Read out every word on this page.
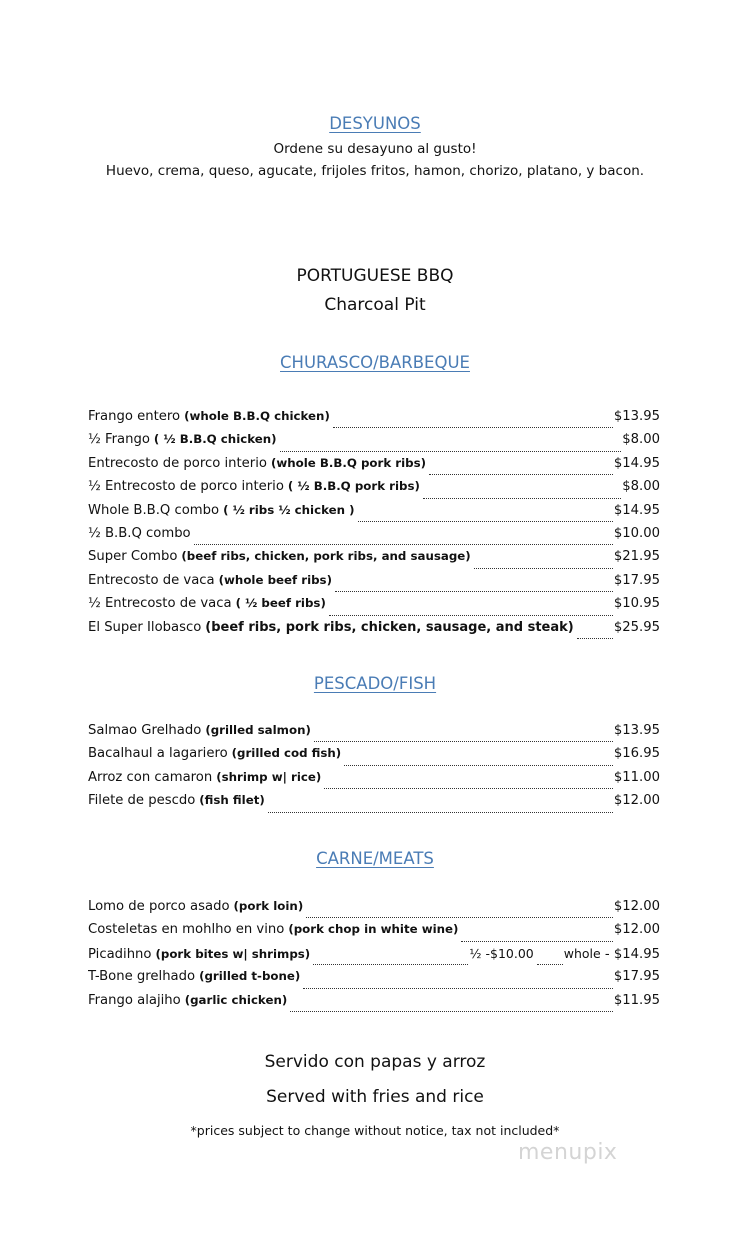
DESYUNOS
Ordene su desayuno al gusto!
Huevo, crema, queso, agucate, frijoles fritos, hamon, chorizo, platano, y bacon.
PORTUGUESE BBQ
Charcoal Pit
CHURASCO/BARBEQUE
Frango entero (whole B.B.Q chicken)	$13.95
½ Frango ( ½ B.B.Q chicken)	$8.00
Entrecosto de porco interio (whole B.B.Q pork ribs)	$14.95
½ Entrecosto de porco interio ( ½ B.B.Q pork ribs)	$8.00
Whole B.B.Q combo ( ½ ribs ½ chicken )	$14.95
½ B.B.Q combo	$10.00
Super Combo (beef ribs, chicken, pork ribs, and sausage)	$21.95
Entrecosto de vaca (whole beef ribs)	$17.95
½ Entrecosto de vaca ( ½ beef ribs)	$10.95
El Super Ilobasco (beef ribs, pork ribs, chicken, sausage, and steak)	$25.95
PESCADO/FISH
Salmao Grelhado (grilled salmon)	$13.95
Bacalhaul a lagariero (grilled cod fish)	$16.95
Arroz con camaron (shrimp w| rice)	$11.00
Filete de pescdo (fish filet)	$12.00
CARNE/MEATS
Lomo de porco asado (pork loin)	$12.00
Costeletas en mohlho en vino (pork chop in white wine)	$12.00
Picadihno (pork bites w| shrimps)	½ -$10.00 whole - $14.95
T-Bone grelhado (grilled t-bone)	$17.95
Frango alajiho (garlic chicken)	$11.95
Servido con papas y arroz
Served with fries and rice
*prices subject to change without notice, tax not included*
menupix
